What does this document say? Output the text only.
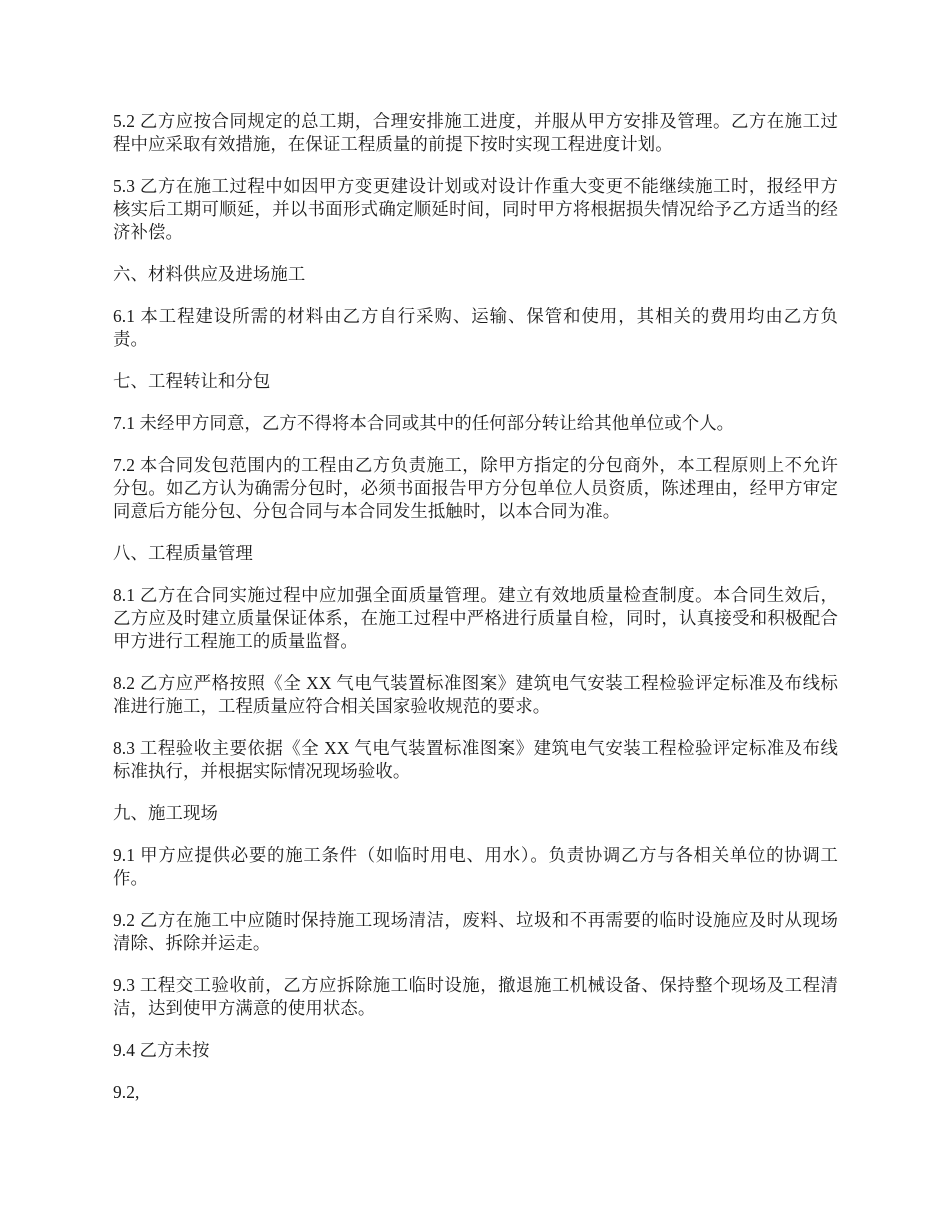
5.2 乙方应按合同规定的总工期，合理安排施工进度，并服从甲方安排及管理。乙方在施工过程中应采取有效措施，在保证工程质量的前提下按时实现工程进度计划。

5.3 乙方在施工过程中如因甲方变更建设计划或对设计作重大变更不能继续施工时，报经甲方核实后工期可顺延，并以书面形式确定顺延时间，同时甲方将根据损失情况给予乙方适当的经济补偿。

六、材料供应及进场施工

6.1 本工程建设所需的材料由乙方自行采购、运输、保管和使用，其相关的费用均由乙方负责。

七、工程转让和分包

7.1 未经甲方同意，乙方不得将本合同或其中的任何部分转让给其他单位或个人。

7.2 本合同发包范围内的工程由乙方负责施工，除甲方指定的分包商外，本工程原则上不允许分包。如乙方认为确需分包时，必须书面报告甲方分包单位人员资质，陈述理由，经甲方审定同意后方能分包、分包合同与本合同发生抵触时，以本合同为准。

八、工程质量管理

8.1 乙方在合同实施过程中应加强全面质量管理。建立有效地质量检查制度。本合同生效后，乙方应及时建立质量保证体系，在施工过程中严格进行质量自检，同时，认真接受和积极配合甲方进行工程施工的质量监督。

8.2 乙方应严格按照《全 XX 气电气装置标准图案》建筑电气安装工程检验评定标准及布线标准进行施工，工程质量应符合相关国家验收规范的要求。

8.3 工程验收主要依据《全 XX 气电气装置标准图案》建筑电气安装工程检验评定标准及布线标准执行，并根据实际情况现场验收。

九、施工现场

9.1 甲方应提供必要的施工条件（如临时用电、用水）。负责协调乙方与各相关单位的协调工作。

9.2 乙方在施工中应随时保持施工现场清洁，废料、垃圾和不再需要的临时设施应及时从现场清除、拆除并运走。

9.3 工程交工验收前，乙方应拆除施工临时设施，撤退施工机械设备、保持整个现场及工程清洁，达到使甲方满意的使用状态。

9.4 乙方未按

9.2,
